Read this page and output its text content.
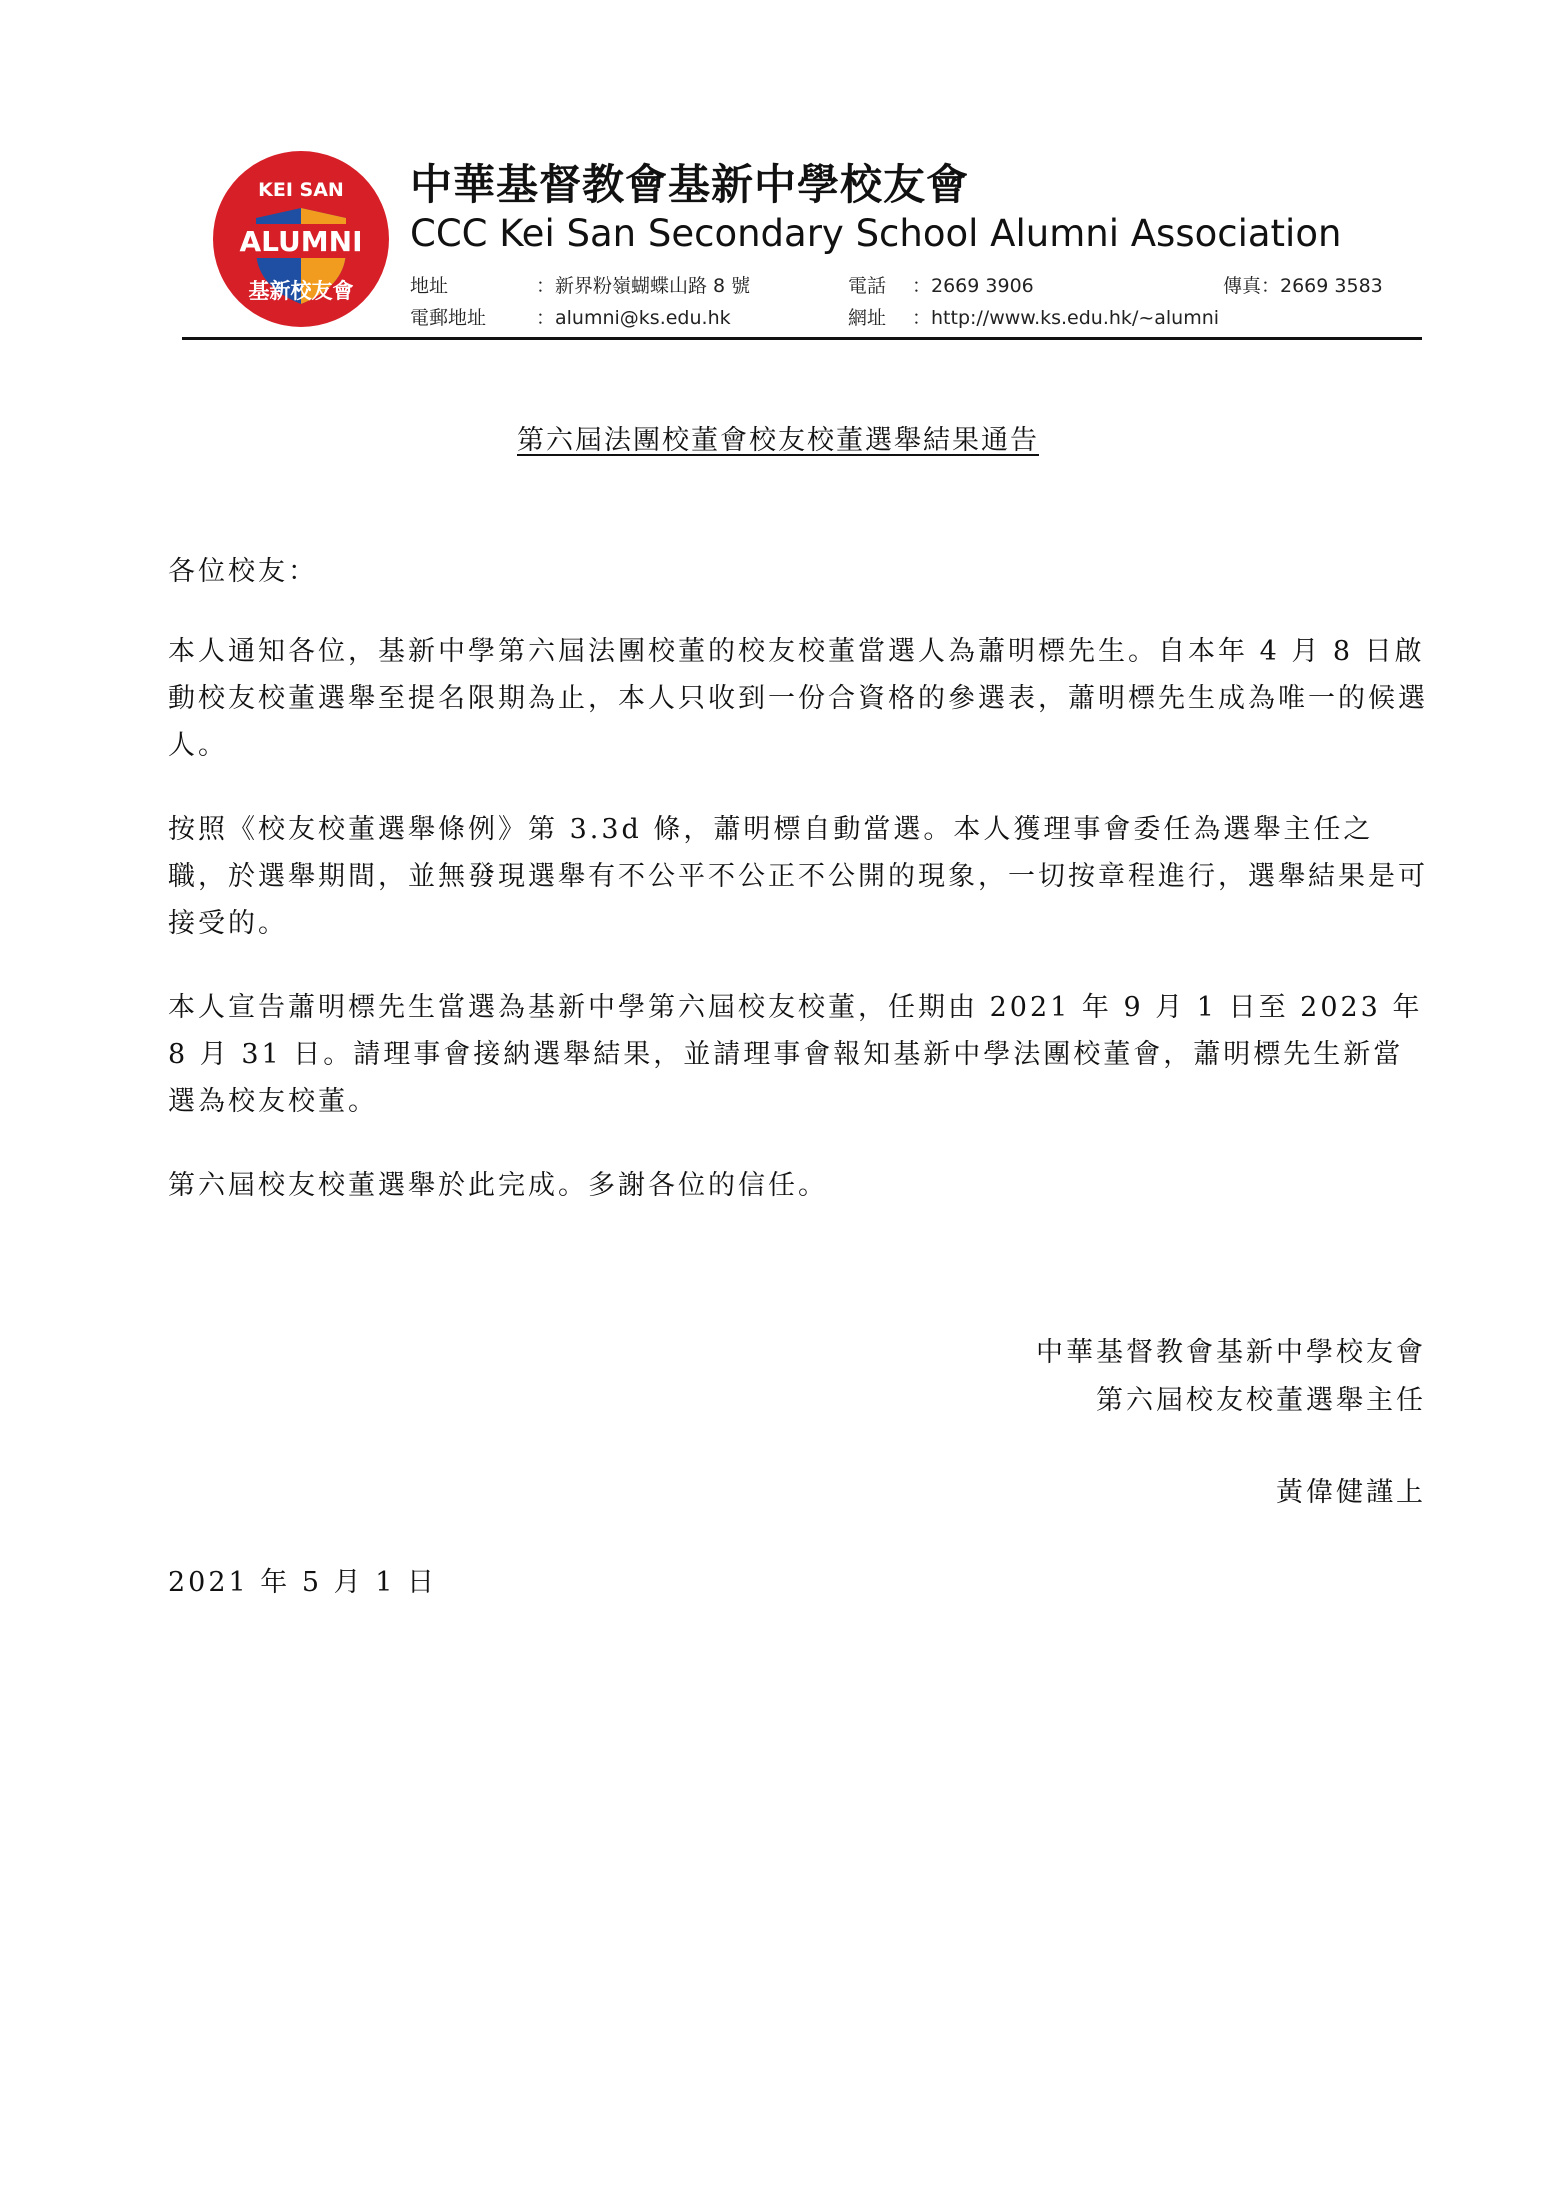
KEI SAN
ALUMNI
基新校友會
中華基督教會基新中學校友會
CCC Kei San Secondary School Alumni Association
地址	：新界粉嶺蝴蝶山路 8 號	電話 ：2669 3906	傳真：2669 3583
電郵地址	：alumni@ks.edu.hk	網址 ：http://www.ks.edu.hk/~alumni
第六屆法團校董會校友校董選舉結果通告

各位校友：

本人通知各位，基新中學第六屆法團校董的校友校董當選人為蕭明標先生。自本年 4 月 8 日啟動校友校董選舉至提名限期為止，本人只收到一份合資格的參選表，蕭明標先生成為唯一的候選人。

按照《校友校董選舉條例》第 3.3d 條，蕭明標自動當選。本人獲理事會委任為選舉主任之職，於選舉期間，並無發現選舉有不公平不公正不公開的現象，一切按章程進行，選舉結果是可接受的。

本人宣告蕭明標先生當選為基新中學第六屆校友校董，任期由 2021 年 9 月 1 日至 2023 年 8 月 31 日。請理事會接納選舉結果，並請理事會報知基新中學法團校董會，蕭明標先生新當選為校友校董。

第六屆校友校董選舉於此完成。多謝各位的信任。

中華基督教會基新中學校友會
第六屆校友校董選舉主任
黃偉健謹上
2021 年 5 月 1 日
